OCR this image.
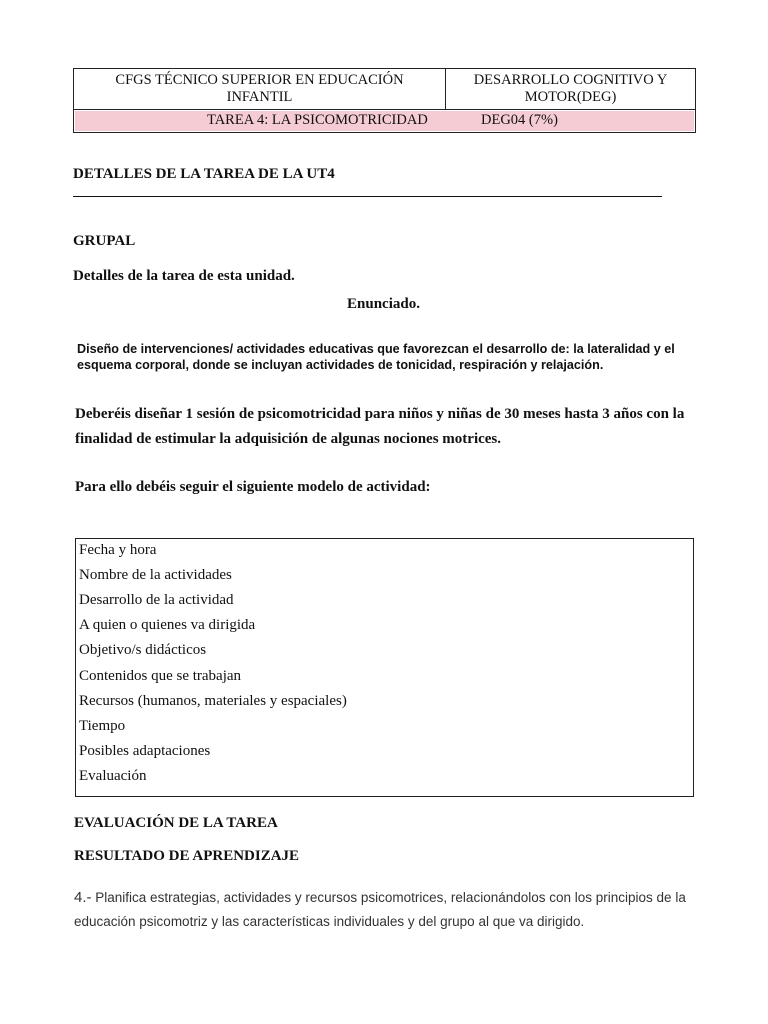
CFGS TÉCNICO SUPERIOR EN EDUCACIÓN INFANTIL
DESARROLLO COGNITIVO Y MOTOR(DEG)
TAREA 4: LA PSICOMOTRICIDAD	DEG04 (7%)
DETALLES DE LA TAREA DE LA UT4
GRUPAL
Detalles de la tarea de esta unidad.
Enunciado.
Diseño de intervenciones/ actividades educativas que favorezcan el desarrollo de: la lateralidad y el esquema corporal, donde se incluyan actividades de tonicidad, respiración y relajación.
Deberéis diseñar 1 sesión de psicomotricidad para niños y niñas de 30 meses hasta 3 años con la finalidad de estimular la adquisición de algunas nociones motrices.
Para ello debéis seguir el siguiente modelo de actividad:
Fecha y hora
Nombre de la actividades
Desarrollo de la actividad
A quien o quienes va dirigida
Objetivo/s didácticos
Contenidos que se trabajan
Recursos (humanos, materiales y espaciales)
Tiempo
Posibles adaptaciones
Evaluación
EVALUACIÓN DE LA TAREA
RESULTADO DE APRENDIZAJE
4.- Planifica estrategias, actividades y recursos psicomotrices, relacionándolos con los principios de la educación psicomotriz y las características individuales y del grupo al que va dirigido.
